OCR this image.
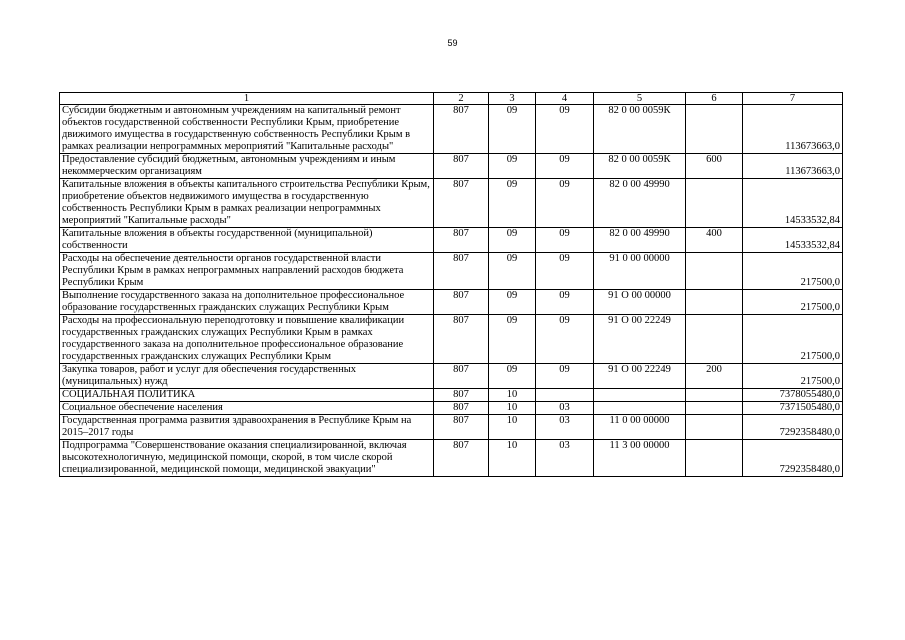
59
1	2	3	4	5	6	7
Субсидии бюджетным и автономным учреждениям на капитальный ремонт объектов государственной собственности Республики Крым, приобретение движимого имущества в государственную собственность Республики Крым в рамках реализации непрограммных мероприятий "Капитальные расходы"	807	09	09	82 0 00 0059К		113673663,0
Предоставление субсидий бюджетным, автономным учреждениям и иным некоммерческим организациям	807	09	09	82 0 00 0059К	600	113673663,0
Капитальные вложения в объекты капитального строительства Республики Крым, приобретение объектов недвижимого имущества в государственную собственность Республики Крым в рамках реализации непрограммных мероприятий "Капитальные расходы"	807	09	09	82 0 00 49990		14533532,84
Капитальные вложения в объекты государственной (муниципальной) собственности	807	09	09	82 0 00 49990	400	14533532,84
Расходы на обеспечение деятельности органов государственной власти Республики Крым в рамках непрограммных направлений расходов бюджета Республики Крым	807	09	09	91 0 00 00000		217500,0
Выполнение государственного заказа на дополнительное профессиональное образование государственных гражданских служащих Республики Крым	807	09	09	91 О 00 00000		217500,0
Расходы на профессиональную переподготовку и повышение квалификации государственных гражданских служащих Республики Крым в рамках государственного заказа на дополнительное профессиональное образование государственных гражданских служащих Республики Крым	807	09	09	91 О 00 22249		217500,0
Закупка товаров, работ и услуг для обеспечения государственных (муниципальных) нужд	807	09	09	91 О 00 22249	200	217500,0
СОЦИАЛЬНАЯ ПОЛИТИКА	807	10				7378055480,0
Социальное обеспечение населения	807	10	03			7371505480,0
Государственная программа развития здравоохранения в Республике Крым на 2015–2017 годы	807	10	03	11 0 00 00000		7292358480,0
Подпрограмма "Совершенствование оказания специализированной, включая высокотехнологичную, медицинской помощи, скорой, в том числе скорой специализированной, медицинской помощи, медицинской эвакуации"	807	10	03	11 3 00 00000		7292358480,0
